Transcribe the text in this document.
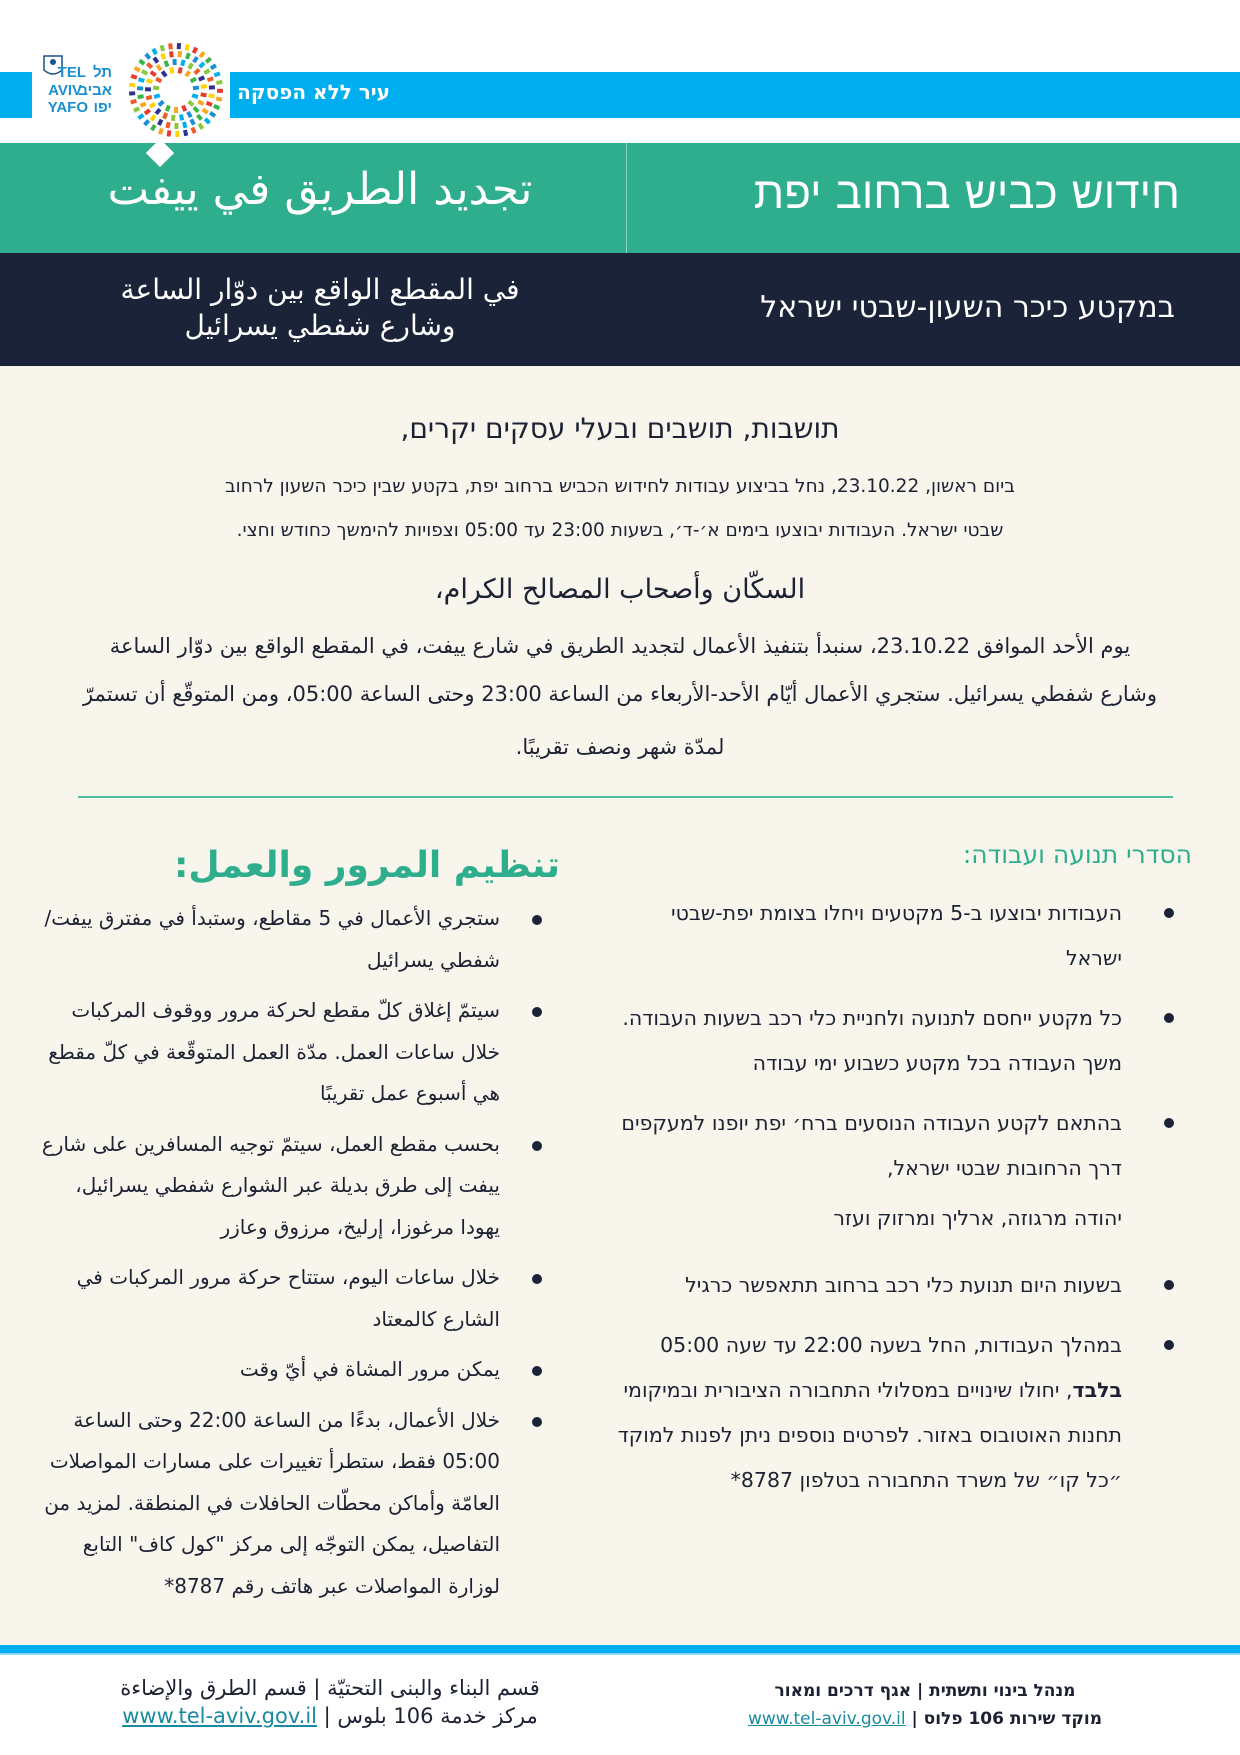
עיר ללא הפסקה
תל
TEL
אביב
AVIV
יפו
YAFO
חידוש כביש ברחוב יפת
تجديد الطريق في ييفت
במקטע כיכר השעון-שבטי ישראל
في المقطع الواقع بين دوّار الساعة
وشارع شفطي يسرائيل
תושבות, תושבים ובעלי עסקים יקרים,
ביום ראשון, 23.10.22, נחל בביצוע עבודות לחידוש הכביש ברחוב יפת, בקטע שבין כיכר השעון לרחוב
שבטי ישראל. העבודות יבוצעו בימים א׳-ד׳, בשעות 23:00 עד 05:00 וצפויות להימשך כחודש וחצי.
السكّان وأصحاب المصالح الكرام،
يوم الأحد الموافق 23.10.22، سنبدأ بتنفيذ الأعمال لتجديد الطريق في شارع ييفت، في المقطع الواقع بين دوّار الساعة
وشارع شفطي يسرائيل. ستجري الأعمال أيّام الأحد-الأربعاء من الساعة 23:00 وحتى الساعة 05:00، ومن المتوقّع أن تستمرّ
لمدّة شهر ونصف تقريبًا.
הסדרי תנועה ועבודה:
העבודות יבוצעו ב-5 מקטעים ויחלו בצומת יפת-שבטי ישראל
כל מקטע ייחסם לתנועה ולחניית כלי רכב בשעות העבודה. משך העבודה בכל מקטע כשבוע ימי עבודה
בהתאם לקטע העבודה הנוסעים ברח׳ יפת יופנו למעקפים דרך הרחובות שבטי ישראל,
יהודה מרגוזה, ארליך ומרזוק ועזר
בשעות היום תנועת כלי רכב ברחוב תתאפשר כרגיל
במהלך העבודות, החל בשעה 22:00 עד שעה 05:00 בלבד, יחולו שינויים במסלולי התחבורה הציבורית ובמיקומי תחנות האוטובוס באזור. לפרטים נוספים ניתן לפנות למוקד ״כל קו״ של משרד התחבורה בטלפון 8787*
تنظيم المرور والعمل:
ستجري الأعمال في 5 مقاطع، وستبدأ في مفترق ييفت/شفطي يسرائيل
سيتمّ إغلاق كلّ مقطع لحركة مرور ووقوف المركبات خلال ساعات العمل. مدّة العمل المتوقّعة في كلّ مقطع هي أسبوع عمل تقريبًا
بحسب مقطع العمل، سيتمّ توجيه المسافرين على شارع ييفت إلى طرق بديلة عبر الشوارع شفطي يسرائيل، يهودا مرغوزا، إرليخ، مرزوق وعازر
خلال ساعات اليوم، ستتاح حركة مرور المركبات في الشارع كالمعتاد
يمكن مرور المشاة في أيّ وقت
خلال الأعمال، بدءًا من الساعة 22:00 وحتى الساعة 05:00 فقط، ستطرأ تغييرات على مسارات المواصلات العامّة وأماكن محطّات الحافلات في المنطقة. لمزيد من التفاصيل، يمكن التوجّه إلى مركز "كول كاف" التابع لوزارة المواصلات عبر هاتف رقم 8787*
מנהל בינוי ותשתית | אגף דרכים ומאור
מוקד שירות 106 פלוס | www.tel-aviv.gov.il
قسم البناء والبنى التحتيّة | قسم الطرق والإضاءة
مركز خدمة 106 بلوس | www.tel-aviv.gov.il
